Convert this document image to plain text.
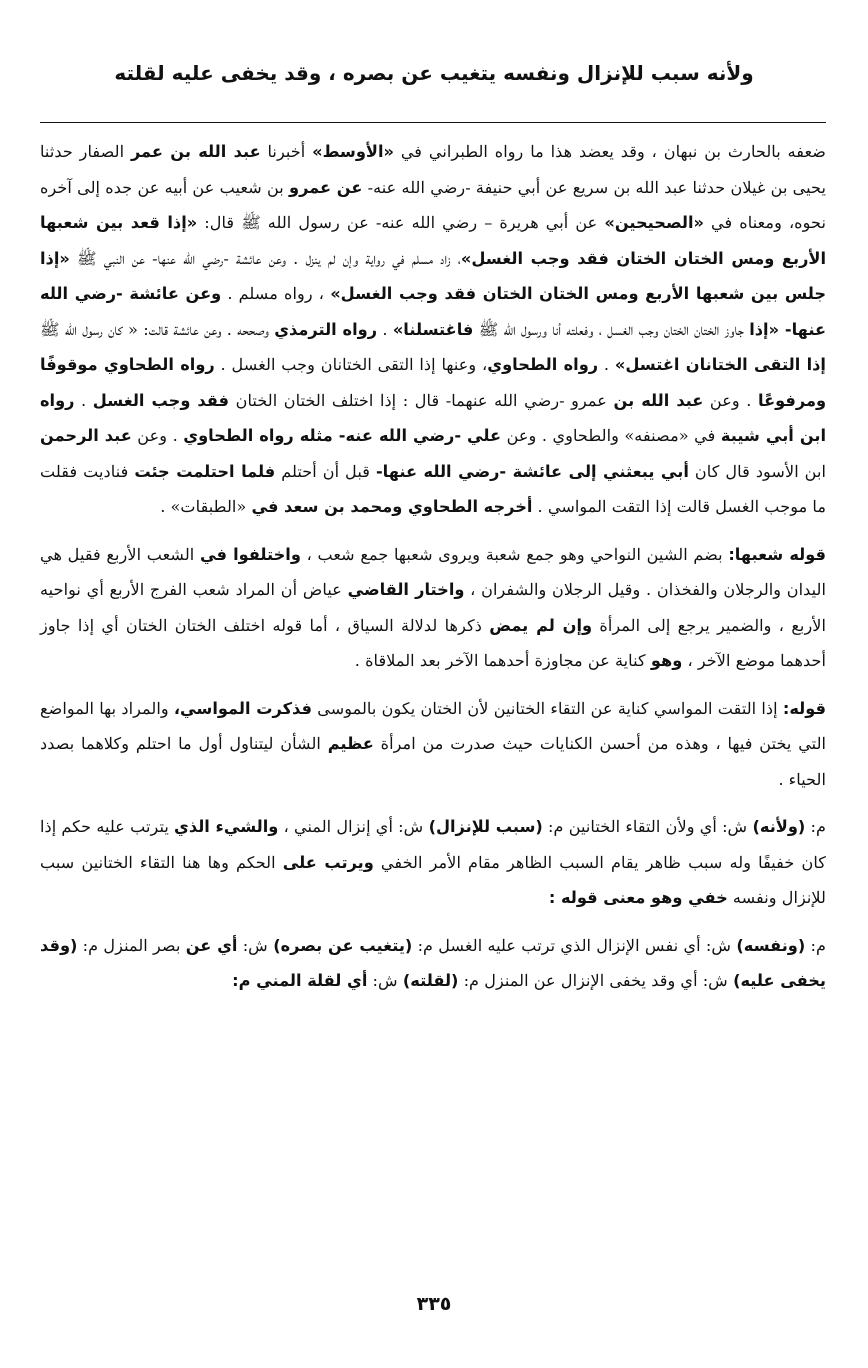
ولأنه سبب للإنزال ونفسه يتغيب عن بصره ، وقد يخفى عليه لقلته

ضعفه بالحارث بن نبهان ، وقد يعضد هذا ما رواه الطبراني في «الأوسط» أخبرنا عبد الله بن عمر الصفار حدثنا يحيى بن غيلان حدثنا عبد الله بن سريع عن أبي حنيفة -رضي الله عنه- عن عمرو بن شعيب عن أبيه عن جده إلى آخره نحوه، ومعناه في «الصحيحين» عن أبي هريرة – رضي الله عنه- عن رسول الله ﷺ قال: «إذا قعد بين شعبها الأربع ومس الختان الختان فقد وجب الغسل»، زاد مسلم في رواية وإن لم ينزل . وعن عائشة -رضي الله عنها- عن النبي ﷺ «إذا جلس بين شعبها الأربع ومس الختان الختان فقد وجب الغسل» ، رواه مسلم . وعن عائشة -رضي الله عنها- «إذا جاوز الختان الختان وجب الغسل ، وفعلته أنا ورسول الله ﷺ فاغتسلنا» . رواه الترمذي وصححه . وعن عائشة قالت: « كان رسول الله ﷺ إذا التقى الختانان اغتسل» . رواه الطحاوي، وعنها إذا التقى الختانان وجب الغسل . رواه الطحاوي موقوفًا ومرفوعًا . وعن عبد الله بن عمرو -رضي الله عنهما- قال : إذا اختلف الختان الختان فقد وجب الغسل . رواه ابن أبي شيبة في «مصنفه» والطحاوي . وعن علي -رضي الله عنه- مثله رواه الطحاوي . وعن عبد الرحمن ابن الأسود قال كان أبي يبعثني إلى عائشة -رضي الله عنها- قبل أن أحتلم فلما احتلمت جئت فناديت فقلت ما موجب الغسل قالت إذا التقت المواسي . أخرجه الطحاوي ومحمد بن سعد في «الطبقات» .

قوله شعبها: بضم الشين النواحي وهو جمع شعبة ويروى شعبها جمع شعب ، واختلفوا في الشعب الأربع فقيل هي اليدان والرجلان والفخذان . وقيل الرجلان والشفران ، واختار القاضي عياض أن المراد شعب الفرج الأربع أي نواحيه الأربع ، والضمير يرجع إلى المرأة وإن لم يمض ذكرها لدلالة السياق ، أما قوله اختلف الختان الختان أي إذا جاوز أحدهما موضع الآخر ، وهو كناية عن مجاوزة أحدهما الآخر بعد الملاقاة .

قوله: إذا التقت المواسي كناية عن التقاء الختانين لأن الختان يكون بالموسى فذكرت المواسي، والمراد بها المواضع التي يختن فيها ، وهذه من أحسن الكنايات حيث صدرت من امرأة عظيم الشأن ليتناول أول ما احتلم وكلاهما بصدد الحياء .

م: (ولأنه) ش: أي ولأن التقاء الختانين م: (سبب للإنزال) ش: أي إنزال المني ، والشيء الذي يترتب عليه حكم إذا كان خفيفًا وله سبب ظاهر يقام السبب الظاهر مقام الأمر الخفي ويرتب على الحكم وها هنا التقاء الختانين سبب للإنزال ونفسه خفي وهو معنى قوله :

م: (ونفسه) ش: أي نفس الإنزال الذي ترتب عليه الغسل م: (يتغيب عن بصره) ش: أي عن بصر المنزل م: (وقد يخفى عليه) ش: أي وقد يخفى الإنزال عن المنزل م: (لقلته) ش: أي لقلة المني م:

٣٣٥
